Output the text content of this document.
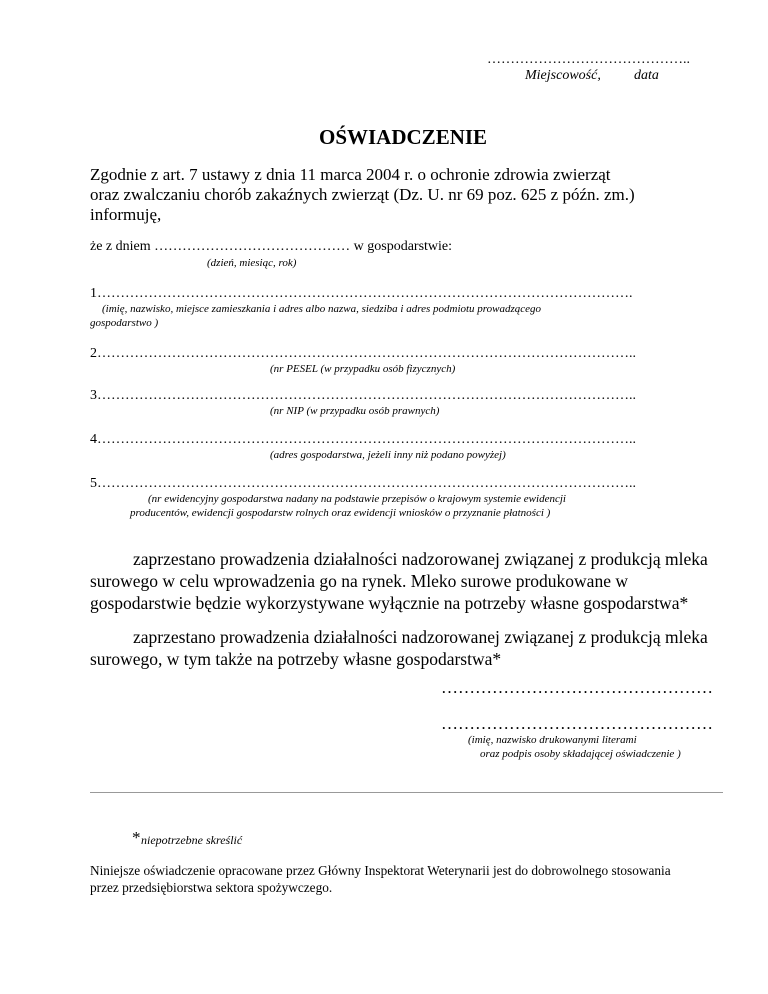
……………………………………..
Miejscowość, data
OŚWIADCZENIE
Zgodnie z art. 7 ustawy z dnia 11 marca 2004 r. o ochronie zdrowia zwierząt
oraz zwalczaniu chorób zakaźnych zwierząt (Dz. U. nr 69 poz. 625 z późn. zm.)
informuję,
że z dniem …………………………………… w gospodarstwie:
(dzień, miesiąc, rok)
1…………………………………………………………………………………………………….
(imię, nazwisko, miejsce zamieszkania i adres albo nazwa, siedziba i adres podmiotu prowadzącego
gospodarstwo )
2……………………………………………………………………………………………………..
(nr PESEL (w przypadku osób fizycznych)
3……………………………………………………………………………………………………..
(nr NIP (w przypadku osób prawnych)
4……………………………………………………………………………………………………..
(adres gospodarstwa, jeżeli inny niż podano powyżej)
5……………………………………………………………………………………………………..
(nr ewidencyjny gospodarstwa nadany na podstawie przepisów o krajowym systemie ewidencji
producentów, ewidencji gospodarstw rolnych oraz ewidencji wniosków o przyznanie płatności )
zaprzestano prowadzenia działalności nadzorowanej związanej z produkcją mleka
surowego w celu wprowadzenia go na rynek. Mleko surowe produkowane w
gospodarstwie będzie wykorzystywane wyłącznie na potrzeby własne gospodarstwa*
zaprzestano prowadzenia działalności nadzorowanej związanej z produkcją mleka
surowego, w tym także na potrzeby własne gospodarstwa*
…………………………………………
…………………………………………
(imię, nazwisko drukowanymi literami
oraz podpis osoby składającej oświadczenie )
* niepotrzebne skreślić
Niniejsze oświadczenie opracowane przez Główny Inspektorat Weterynarii jest do dobrowolnego stosowania
przez przedsiębiorstwa sektora spożywczego.
